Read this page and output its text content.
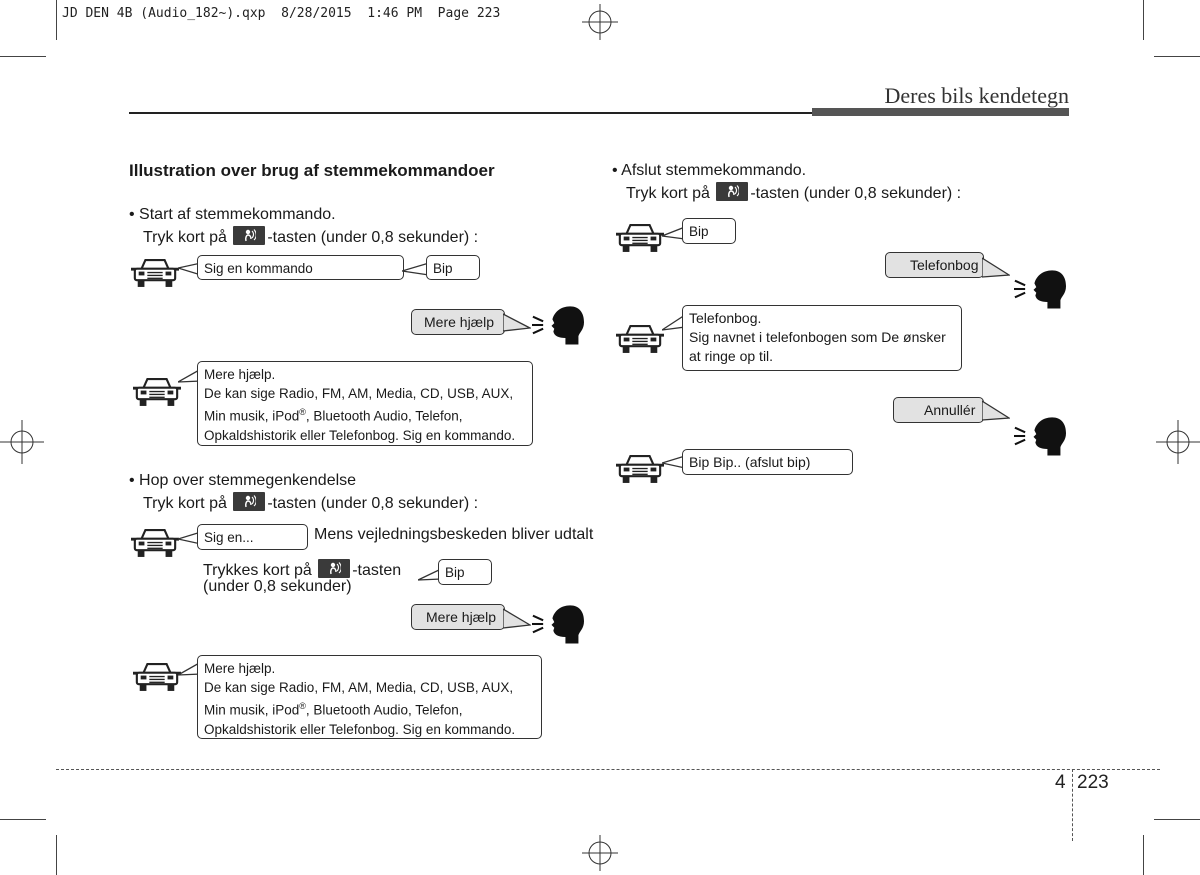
JD DEN 4B (Audio_182~).qxp  8/28/2015  1:46 PM  Page 223
Deres bils kendetegn
Illustration over brug af stemmekommandoer
• Start af stemmekommando.
Tryk kort på	-tasten (under 0,8 sekunder) :
Sig en kommando	Bip
Mere hjælp
Mere hjælp.
De kan sige Radio, FM, AM, Media, CD, USB, AUX,
Min musik, iPod®, Bluetooth Audio, Telefon,
Opkaldshistorik eller Telefonbog. Sig en kommando.
• Hop over stemmegenkendelse
Tryk kort på	-tasten (under 0,8 sekunder) :
Sig en...	Mens vejledningsbeskeden bliver udtalt
Trykkes kort på	-tasten
(under 0,8 sekunder)
Bip
Mere hjælp
Mere hjælp.
De kan sige Radio, FM, AM, Media, CD, USB, AUX,
Min musik, iPod®, Bluetooth Audio, Telefon,
Opkaldshistorik eller Telefonbog. Sig en kommando.
• Afslut stemmekommando.
Tryk kort på	-tasten (under 0,8 sekunder) :
Bip
Telefonbog
Telefonbog.
Sig navnet i telefonbogen som De ønsker
at ringe op til.
Annullér
Bip Bip.. (afslut bip)
4 223
